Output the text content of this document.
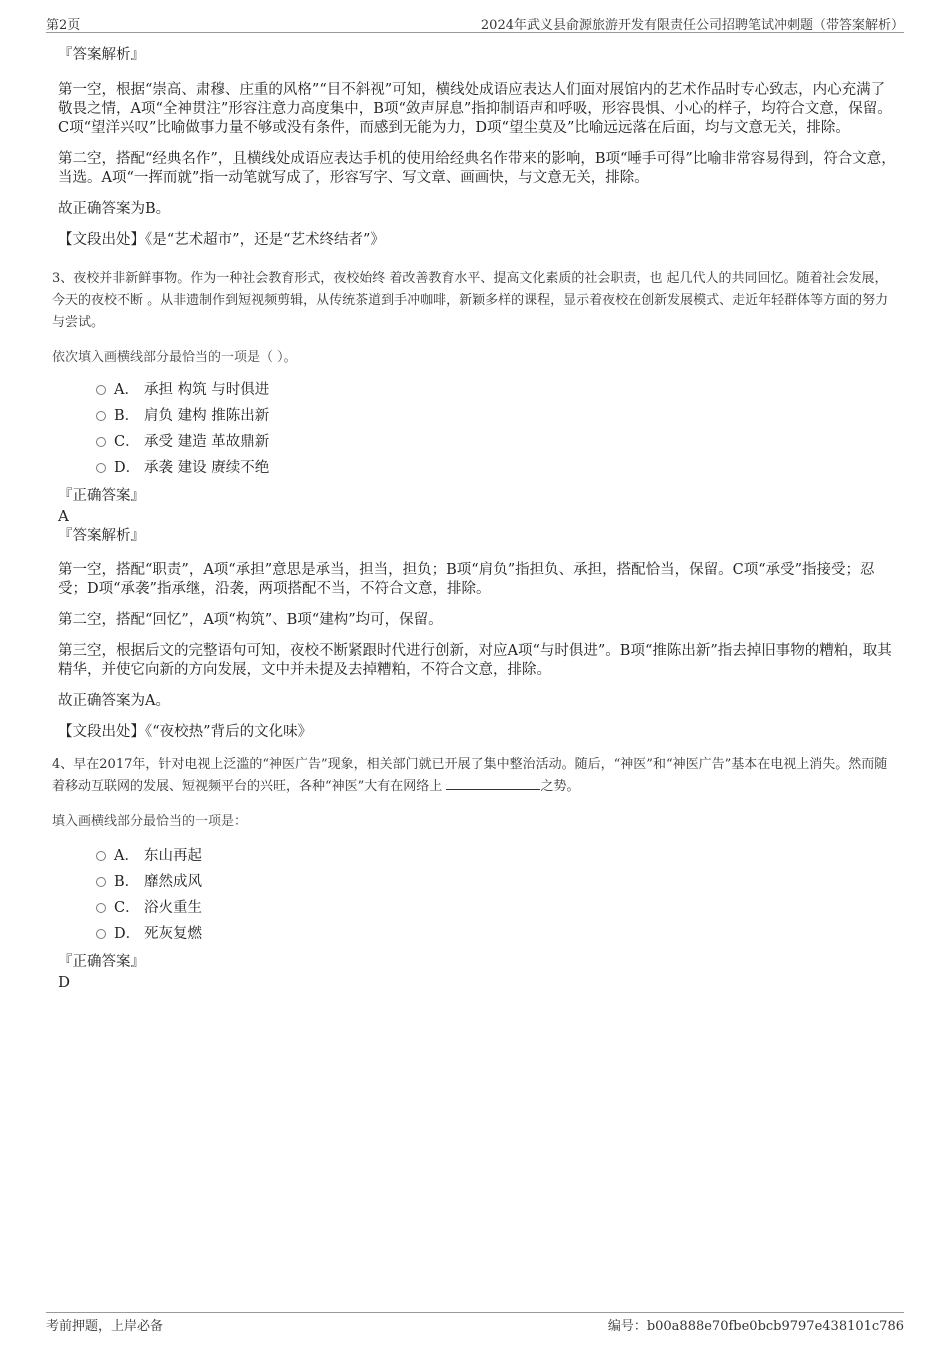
第2页	2024年武义县俞源旅游开发有限责任公司招聘笔试冲刺题（带答案解析）
『答案解析』

第一空，根据“崇高、肃穆、庄重的风格”“目不斜视”可知，横线处成语应表达人们面对展馆内的艺术作品时专心致志，内心充满了敬畏之情，A项“全神贯注”形容注意力高度集中，B项“敛声屏息”指抑制语声和呼吸，形容畏惧、小心的样子，均符合文意，保留。C项“望洋兴叹”比喻做事力量不够或没有条件，而感到无能为力，D项“望尘莫及”比喻远远落在后面，均与文意无关，排除。

第二空，搭配“经典名作”，且横线处成语应表达手机的使用给经典名作带来的影响，B项“唾手可得”比喻非常容易得到，符合文意，当选。A项“一挥而就”指一动笔就写成了，形容写字、写文章、画画快，与文意无关，排除。

故正确答案为B。

【文段出处】《是“艺术超市”，还是“艺术终结者”》

3、夜校并非新鲜事物。作为一种社会教育形式，夜校始终 着改善教育水平、提高文化素质的社会职责，也 起几代人的共同回忆。随着社会发展，今天的夜校不断 。从非遗制作到短视频剪辑，从传统茶道到手冲咖啡，新颖多样的课程，显示着夜校在创新发展模式、走近年轻群体等方面的努力与尝试。

依次填入画横线部分最恰当的一项是（ ）。

A． 承担 构筑 与时俱进
B． 肩负 建构 推陈出新
C． 承受 建造 革故鼎新
D． 承袭 建设 赓续不绝
『正确答案』

A

『答案解析』

第一空，搭配“职责”，A项“承担”意思是承当，担当，担负；B项“肩负”指担负、承担，搭配恰当，保留。C项“承受”指接受；忍受；D项“承袭”指承继，沿袭，两项搭配不当，不符合文意，排除。

第二空，搭配“回忆”，A项“构筑”、B项“建构”均可，保留。

第三空，根据后文的完整语句可知，夜校不断紧跟时代进行创新，对应A项“与时俱进”。B项“推陈出新”指去掉旧事物的糟粕，取其精华，并使它向新的方向发展，文中并未提及去掉糟粕，不符合文意，排除。

故正确答案为A。

【文段出处】《“夜校热”背后的文化味》

4、早在2017年，针对电视上泛滥的“神医广告”现象，相关部门就已开展了集中整治活动。随后，“神医”和“神医广告”基本在电视上消失。然而随着移动互联网的发展、短视频平台的兴旺，各种“神医”大有在网络上	之势。

填入画横线部分最恰当的一项是：

A． 东山再起
B． 靡然成风
C． 浴火重生
D． 死灰复燃
『正确答案』

D

考前押题，上岸必备	编号：b00a888e70fbe0bcb9797e438101c786
